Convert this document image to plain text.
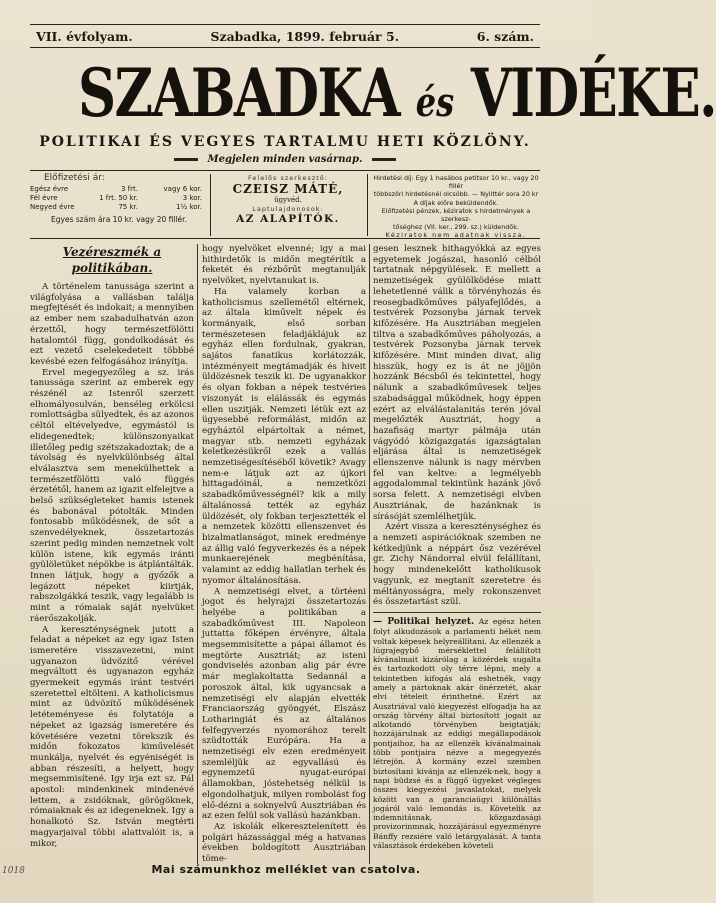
VII. évfolyam.	Szabadka, 1899. február 5.	6. szám.
SZABADKA és VIDÉKE.
POLITIKAI ÉS VEGYES TARTALMU HETI KÖZLÖNY.
Megjelen minden vasárnap.
Előfizetési ár:
Egész évre	3 frt.	vagy 6 kor.
Fél évre	1 frt. 50 kr.	3 kor.
Negyed évre	75 kr.	1½ kor.
Egyes szám ára 10 kr. vagy 20 fillér.
Felelős szerkesztő:
CZEISZ MÁTÉ,
ügyvéd.
Laptulajdonosok:
AZ ALAPÍTÓK.
Hirdetési díj: Egy 1 hasábos petitsor 10 kr., vagy 20 fillér
többszöri hirdetésnél olcsóbb. — Nyilttér sora 20 kr
A díjak előre beküldendők.
Előfizetési pénzek, kéziratok s hirdetmények a szerkesz-
tőséghez (VII. ker., 299. sz.) küldendők.
Kéziratok nem adatnak vissza.
Vezéreszmék a politikában.

A történelem tanussága szerint a világfolyása a vallásban találja megfejtését és indokait; a mennyiben az ember nem szabadulhatván azon érzettől, hogy természetfölötti hatalomtól függ, gondolkodását és ezt vezető cselekedeteit többbé kevésbé ezen felfogásához irányítja.

Ervel megegyezőleg a sz. irás tanussága szerint az emberek egy részénél az Istenről szerzett elhomályosulván, benséleg erkölcsi romlottságba sülyedtek, és az azonos céltól eltévelyedve, egymástól is elidegenedtek; különszonyaikat illetőleg pedig szétszakadoztak; de a távolság és nyelvkülönbség által elválasztva sem menekülhettek a természetfölötti való függés érzetétől, hanem az igazit elfelejtve a belső szükségleteket hamis istenek és babonával pótolták. Minden fontosabb működésnek, de sőt a szenvedélyeknek, összetartozás szerint pedig minden nemzetnek volt külön istene, kik egymás iránti gyülöletüket népökbe is átplántálták. Innen látjuk, hogy a győzők a legázott népeket kiirtják, rabszolgákká teszik, vagy legalább is mint a rómaiak saját nyelvüket ráerőszakolják.

A kereszténységnek jutott a feladat a népeket az egy igaz Isten ismeretére visszavezetni, mint ugyanazon üdvözítő vérével megváltott és ugyanazon egyház gyermekeit egymás iránt testvéri szeretettel eltölteni. A katholicismus mint az üdvözítő működésének letéteményese és folytatója a népeket az igazság ismeretére és követésére vezetni törekszik és midőn fokozatos kiművelését munkálja, nyelvét és egyéniségét is abban részesíti, a helyett, hogy megsemmisítené. Igy irja ezt sz. Pál apostol: mindenkinek mindenévé lettem, a zsidóknak, görögöknek, rómaiaknak és az idegeneknek. Igy a honalkotó Sz. István megtérti magyarjaival többi alattvalóit is, a mikor,

hogy nyelvöket elvenné; igy a mai hithirdetők is midőn megtérítik a feketét és rézbőrűt megtanulják nyelvöket, nyelvtanukat is.

Ha valamely korban a katholicismus szellemétől eltérnek, az általa kiművelt népek és kormányaik, első sorban természetesen feladjáklájuk az egyház ellen fordulnak, gyakran, sajátos fanatikus korlátozzák, intézményeit megtámadják és hiveit üldözésnek teszik ki. De ugyanakkor és olyan fokban a népek testvéries viszonyát is elálássák és egymás ellen uszitják. Nemzeti létük ezt az ügyesebbé reformálást, midőn az egyháztól elpártoltak a német, magyar stb. nemzeti egyházak keletkezésükről ezek a vallás nemzetiségesítéséből követik? Avagy nem-e látjuk azt az újkori hittagadóinál, a nemzetközi szabadkőművességnél? kik a mily általánossá tették az egyház üldözését, oly fokban terjesztették el a nemzetek közötti ellenszenvet és bizalmatlanságot, minek eredménye az állig való fegyverkezés és a népek munkaerejének megbénítása, valamint az eddig hallatlan terhek és nyomor általánosítása.

A nemzetiségi elvet, a törtéeni jogot és helyrajzi összetartozás helyébe a politikában a szabadkőművest III. Napoleon juttatta főképen érvényre, általa megsemmisítette a pápai államot és megtörte Ausztriát; az isteni gondviselés azonban alig pár évre már meglakoltatta Sedannál a poroszok által, kik ugyancsak a nemzetiségi elv alapján elvették Franciaország gyöngyét, Elszász Lotharingiát és az általános felfegyverzés nyomorához terelt szüdtották Európára. Ha a nemzetiségi elv ezen eredményeit szemléljük az egyvallású és egynemzetű nyugat-európai államokban, jóstehetség nélkül is elgondolhatjuk, milyen rombolást fog elő-dézni a soknyelvű Ausztriában és az ezen felül sok vallású hazánkban.

Az iskolák elkeresztelenített és polgári házassággal még a hatvanas években boldogított Ausztriában töme-

gesen lesznek hithagyókká az egyes egyetemek jogászai, hasonló célból tartatnak népgyülések. E mellett a nemzetiségek gyülölködése miatt lehetetlenné válik a törvényhozás és reosegbadkőműves pályafejlődés, a testvérek Pozsonyba járnak tervek kifőzésére. Ha Ausztriában megjelen tiltva a szabadkőműves páholyozás, a testvérek Pozsonyba járnak tervek kifőzésére. Mint minden divat, alig hisszük, hogy ez is át ne jöjjön hozzánk Bécsből és tekintettel, hogy nálunk a szabadkőművesek teljes szabadsággal működnek, hogy éppen ezért az elválástalanitás terén jóval megelőzték Ausztriát, hogy a hazafiság martyr pálmája után vágyódó közigazgatás igazságtalan eljárása által is nemzetiségek ellenszenve nálunk is nagy mérvben fel van keltve: a legmélyebb aggodalommal tekintünk hazánk jövő sorsa felett. A nemzetiségi elvben Ausztriának, de hazánknak is sírásóját szemlélhetjük.

Azért vissza a kereszténységhez és a nemzeti aspirációknak szemben ne kétkedjünk a néppárt ősz vezérével gr. Zichy Nándorral elvül felállítani, hogy mindenekelőtt katholikusok vagyunk, ez megtanít szeretetre és méltányosságra, mely rokonszenvet és összetartást szül.

— Politikai helyzet. Az egész héten folyt alkudozások a parlamenti békét nem voltak képesek helyreállítani. Az ellenzék a lúgrajegybő mérséklettel felállított kívánalmait kizárólag a közérdek sugalta és tartozkodott oly térre lépni, mely a tekintetben kifogás alá eshetnék, vagy amely a pártoknak akár önérzetét, akár elvi tételeit érinthetné. Ezért az Ausztriával való kiegyezést elfogadja ha az ország törvény által biztosított jogait az alkotandó törvényben beigtatják; hozzájárulnak az eddigi megállapodások pontjaihoz, ha az ellenzék kívánalmainak több pontjaira nézve a megegyezés létrejön. A kormány ezzel szemben biztosítani kivánja az ellenzék-nek, hogy a napi büdzsé és a függő ügyeket végleges összes kiegyezési javaslatokat, melyek között van a garanciaügyi különállás jogáról való lemondás is. Követelik az indemnitásnak, közgazdasági provizorinmnak, hozzájárásul egyezményre Bánffy rezsiére való letárgyalását. A tanta választások érdekében követeli

Mai számunkhoz melléklet van csatolva.
1018
